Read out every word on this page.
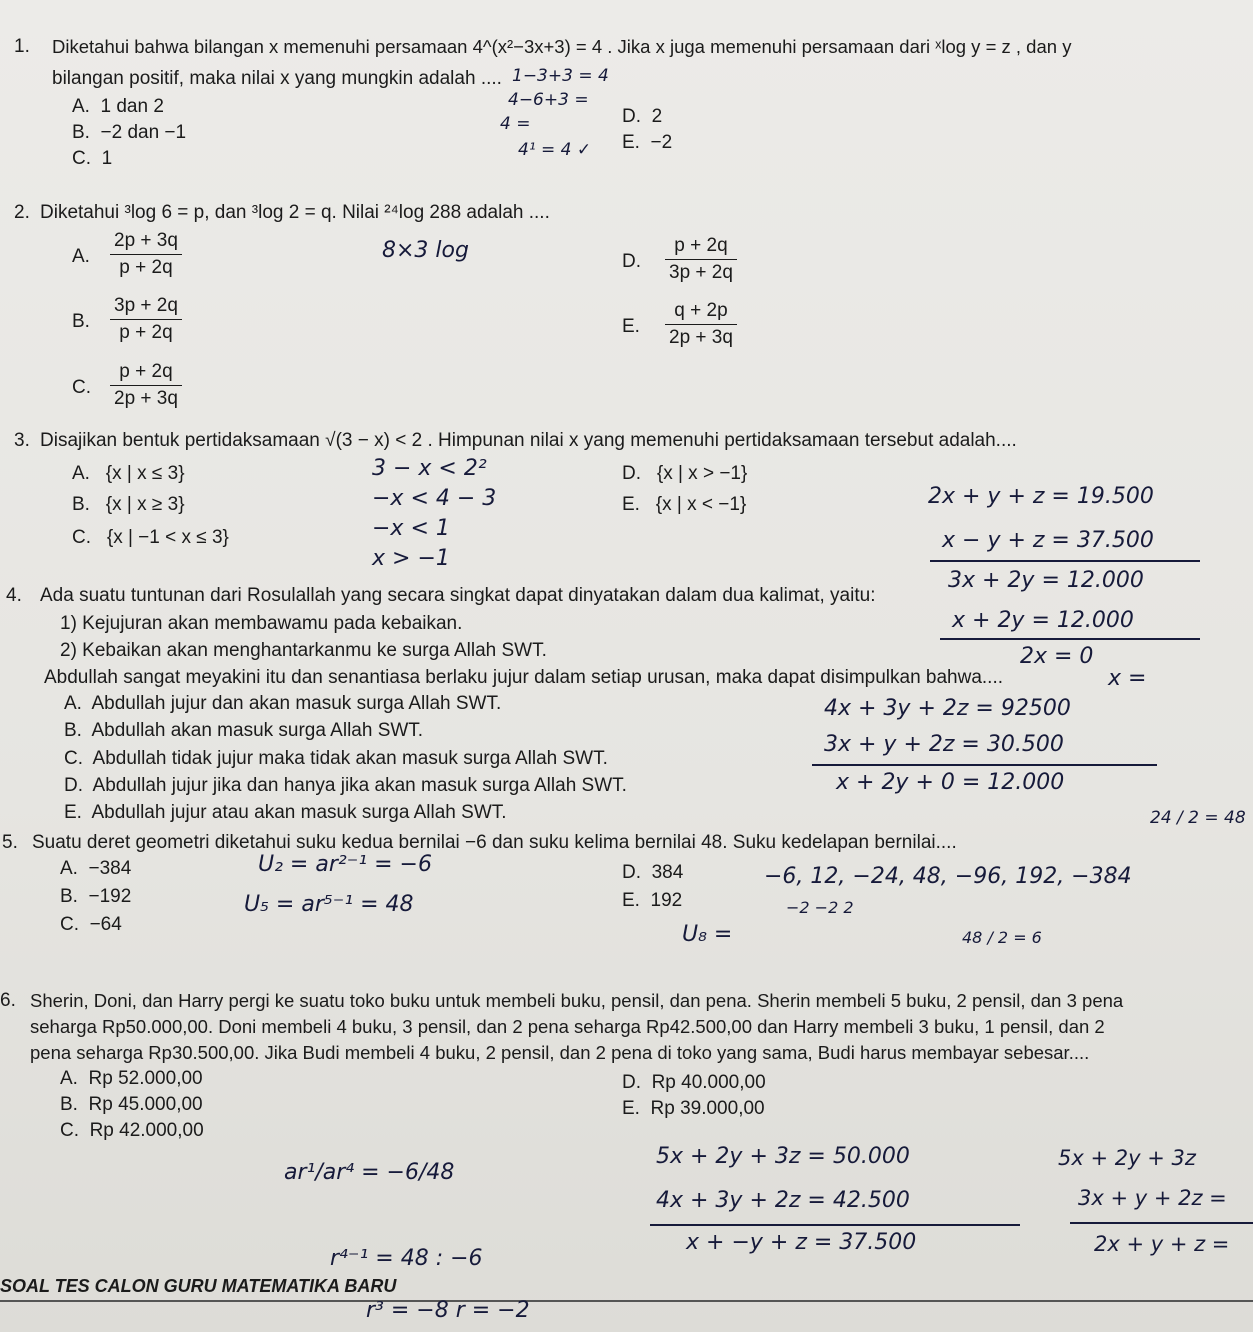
1. Diketahui bahwa bilangan x memenuhi persamaan 4^(x²−3x+3) = 4 . Jika x juga memenuhi persamaan dari ˣlog y = z , dan y
bilangan positif, maka nilai x yang mungkin adalah ....
A.  1 dan 2
B.  −2 dan −1
C.  1
D.  2
E.  −2
2. Diketahui ³log 6 = p, dan ³log 2 = q. Nilai ²⁴log 288 adalah ....
A. $\frac{2p + 3q}{p + 2q}$
B. $\frac{3p + 2q}{p + 2q}$
C. $\frac{p + 2q}{2p + 3q}$
D. $\frac{p + 2q}{3p + 2q}$
E. $\frac{q + 2p}{2p + 3q}$
3. Disajikan bentuk pertidaksamaan √(3 − x) < 2 . Himpunan nilai x yang memenuhi pertidaksamaan tersebut adalah....
A.   {x | x ≤ 3}
B.   {x | x ≥ 3}
C.   {x | −1 < x ≤ 3}
D.   {x | x > −1}
E.   {x | x < −1}
4. Ada suatu tuntunan dari Rosulallah yang secara singkat dapat dinyatakan dalam dua kalimat, yaitu:
1) Kejujuran akan membawamu pada kebaikan.
2) Kebaikan akan menghantarkanmu ke surga Allah SWT.
Abdullah sangat meyakini itu dan senantiasa berlaku jujur dalam setiap urusan, maka dapat disimpulkan bahwa....
A.  Abdullah jujur dan akan masuk surga Allah SWT.
B.  Abdullah akan masuk surga Allah SWT.
C.  Abdullah tidak jujur maka tidak akan masuk surga Allah SWT.
D.  Abdullah jujur jika dan hanya jika akan masuk surga Allah SWT.
E.  Abdullah jujur atau akan masuk surga Allah SWT.
5. Suatu deret geometri diketahui suku kedua bernilai −6 dan suku kelima bernilai 48. Suku kedelapan bernilai....
A.  −384
B.  −192
C.  −64
D.  384
E.  192
6. Sherin, Doni, dan Harry pergi ke suatu toko buku untuk membeli buku, pensil, dan pena. Sherin membeli 5 buku, 2 pensil, dan 3 pena
seharga Rp50.000,00. Doni membeli 4 buku, 3 pensil, dan 2 pena seharga Rp42.500,00 dan Harry membeli 3 buku, 1 pensil, dan 2
pena seharga Rp30.500,00. Jika Budi membeli 4 buku, 2 pensil, dan 2 pena di toko yang sama, Budi harus membayar sebesar....
A.  Rp 52.000,00
B.  Rp 45.000,00
C.  Rp 42.000,00
D.  Rp 40.000,00
E.  Rp 39.000,00
SOAL TES CALON GURU MATEMATIKA BARU
1−3+3 = 4
4−6+3 =
4 =
4¹ = 4 ✓
8×3 log
3 − x < 2²
−x < 4 − 3
−x < 1
x > −1
2x + y + z = 19.500
x − y + z = 37.500
3x + 2y = 12.000
x + 2y = 12.000
2x = 0
x =
4x + 3y + 2z = 92500
3x + y + 2z = 30.500
x + 2y + 0 = 12.000
24 / 2 = 48
U₂ = ar²⁻¹ = −6
U₅ = ar⁵⁻¹ = 48
U₈ =
−6, 12, −24, 48, −96, 192, −384
−2 −2 2
48 / 2 = 6
ar¹/ar⁴ = −6/48
r⁴⁻¹ = 48 : −6
r³ = −8 r = −2
5x + 2y + 3z = 50.000
4x + 3y + 2z = 42.500
x + −y + z = 37.500
5x + 2y + 3z
3x + y + 2z =
2x + y + z =
